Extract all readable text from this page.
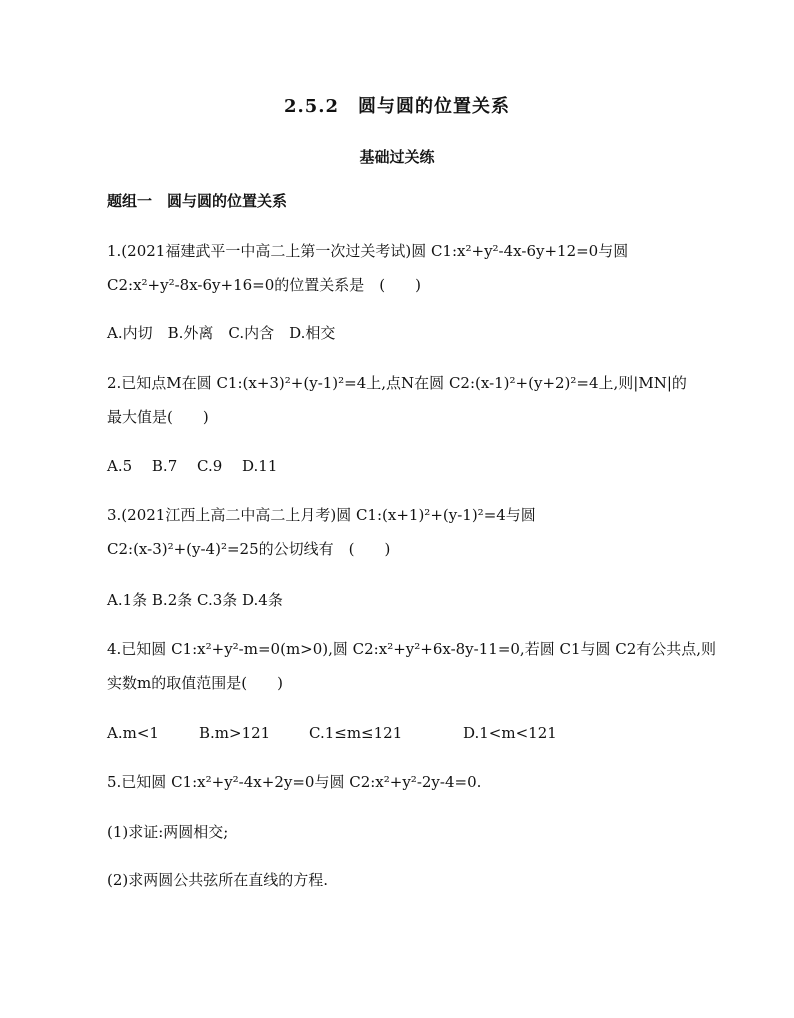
2.5.2　圆与圆的位置关系
基础过关练
题组一　圆与圆的位置关系
1.(2021福建武平一中高二上第一次过关考试)圆 C1:x²+y²-4x-6y+12=0与圆
C2:x²+y²-8x-6y+16=0的位置关系是　(　　)
A.内切　B.外离　C.内含　D.相交
2.已知点M在圆 C1:(x+3)²+(y-1)²=4上,点N在圆 C2:(x-1)²+(y+2)²=4上,则|MN|的
最大值是(　　)
A.5　 B.7　 C.9　 D.11
3.(2021江西上高二中高二上月考)圆 C1:(x+1)²+(y-1)²=4与圆
C2:(x-3)²+(y-4)²=25的公切线有　(　　)
A.1条 B.2条 C.3条 D.4条
4.已知圆 C1:x²+y²-m=0(m>0),圆 C2:x²+y²+6x-8y-11=0,若圆 C1与圆 C2有公共点,则
实数m的取值范围是(　　)
A.m<1	B.m>121	C.1≤m≤121	D.1<m<121
5.已知圆 C1:x²+y²-4x+2y=0与圆 C2:x²+y²-2y-4=0.
(1)求证:两圆相交;
(2)求两圆公共弦所在直线的方程.
